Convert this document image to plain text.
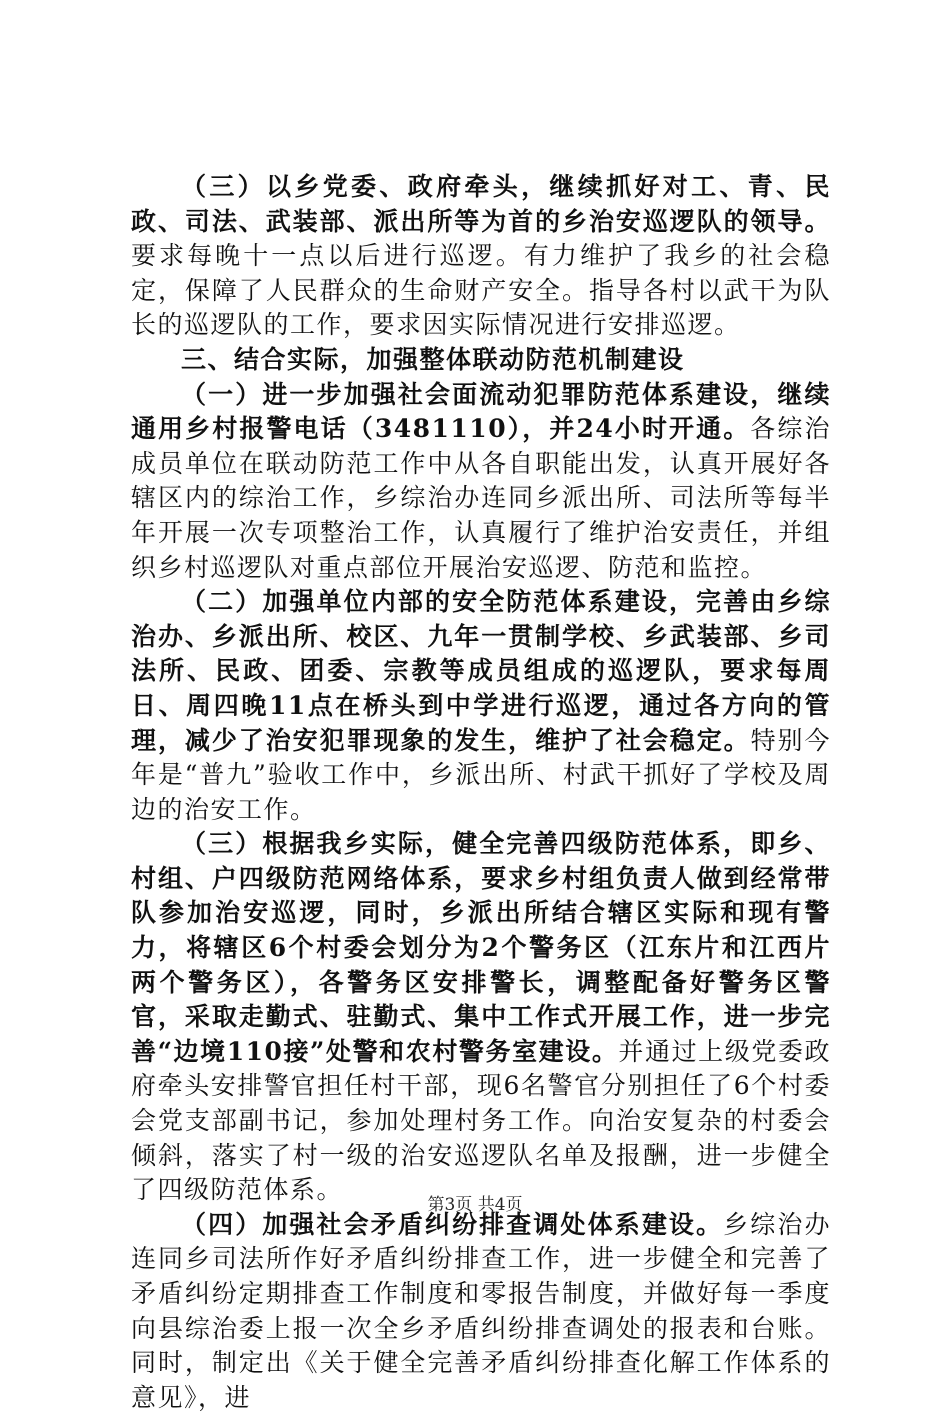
（三）以乡党委、政府牵头，继续抓好对工、青、民政、司法、武装部、派出所等为首的乡治安巡逻队的领导。要求每晚十一点以后进行巡逻。有力维护了我乡的社会稳定，保障了人民群众的生命财产安全。指导各村以武干为队长的巡逻队的工作，要求因实际情况进行安排巡逻。

三、结合实际，加强整体联动防范机制建设

（一）进一步加强社会面流动犯罪防范体系建设，继续通用乡村报警电话（3481110），并24小时开通。各综治成员单位在联动防范工作中从各自职能出发，认真开展好各辖区内的综治工作，乡综治办连同乡派出所、司法所等每半年开展一次专项整治工作，认真履行了维护治安责任，并组织乡村巡逻队对重点部位开展治安巡逻、防范和监控。

（二）加强单位内部的安全防范体系建设，完善由乡综治办、乡派出所、校区、九年一贯制学校、乡武装部、乡司法所、民政、团委、宗教等成员组成的巡逻队，要求每周日、周四晚11点在桥头到中学进行巡逻，通过各方向的管理，减少了治安犯罪现象的发生，维护了社会稳定。特别今年是“普九”验收工作中，乡派出所、村武干抓好了学校及周边的治安工作。

（三）根据我乡实际，健全完善四级防范体系，即乡、村组、户四级防范网络体系，要求乡村组负责人做到经常带队参加治安巡逻，同时，乡派出所结合辖区实际和现有警力，将辖区6个村委会划分为2个警务区（江东片和江西片两个警务区），各警务区安排警长，调整配备好警务区警官，采取走勤式、驻勤式、集中工作式开展工作，进一步完善“边境110接”处警和农村警务室建设。并通过上级党委政府牵头安排警官担任村干部，现6名警官分别担任了6个村委会党支部副书记，参加处理村务工作。向治安复杂的村委会倾斜，落实了村一级的治安巡逻队名单及报酬，进一步健全了四级防范体系。

（四）加强社会矛盾纠纷排查调处体系建设。乡综治办连同乡司法所作好矛盾纠纷排查工作，进一步健全和完善了矛盾纠纷定期排查工作制度和零报告制度，并做好每一季度向县综治委上报一次全乡矛盾纠纷排查调处的报表和台账。同时，制定出《关于健全完善矛盾纠纷排查化解工作体系的意见》，进

第3页 共4页
